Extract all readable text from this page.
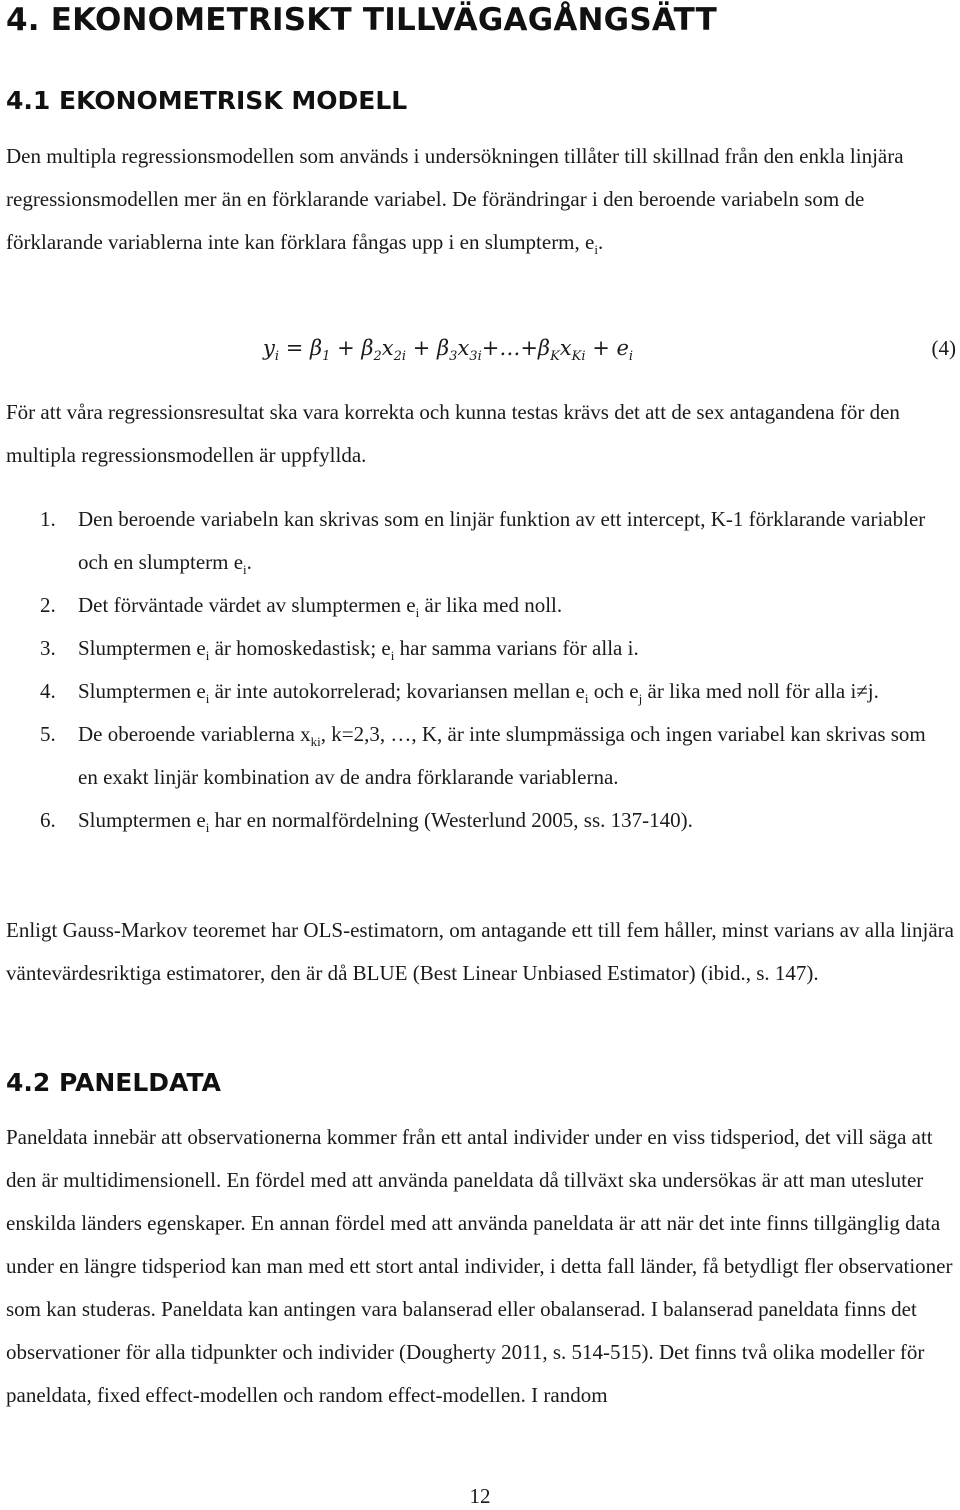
4. EKONOMETRISKT TILLVÄGAGÅNGSÄTT
4.1 EKONOMETRISK MODELL

Den multipla regressionsmodellen som används i undersökningen tillåter till skillnad från den enkla linjära regressionsmodellen mer än en förklarande variabel. De förändringar i den beroende variabeln som de förklarande variablerna inte kan förklara fångas upp i en slumpterm, $e_i$.

$y_i = \beta_1 + \beta_2x_{2i}$ + $\beta_3x_{3i}+\dots+\beta_Kx_{Ki} + e_i$	(4)

För att våra regressionsresultat ska vara korrekta och kunna testas krävs det att de sex antagandena för den multipla regressionsmodellen är uppfyllda.

1. Den beroende variabeln kan skrivas som en linjär funktion av ett intercept, K-1 förklarande variabler och en slumpterm $e_i$.
2. Det förväntade värdet av slumptermen $e_i$ är lika med noll.
3. Slumptermen $e_i$ är homoskedastisk; $e_i$ har samma varians för alla i.
4. Slumptermen $e_i$ är inte autokorrelerad; kovariansen mellan $e_i$ och $e_j$ är lika med noll för alla i≠j.
5. De oberoende variablerna $x_{ki}$, k=2,3, …, K, är inte slumpmässiga och ingen variabel kan skrivas som en exakt linjär kombination av de andra förklarande variablerna.
6. Slumptermen $e_i$ har en normalfördelning (Westerlund 2005, ss. 137-140).

Enligt Gauss-Markov teoremet har OLS-estimatorn, om antagande ett till fem håller, minst varians av alla linjära väntevärdesriktiga estimatorer, den är då BLUE (Best Linear Unbiased Estimator) (ibid., s. 147).

4.2 PANELDATA

Paneldata innebär att observationerna kommer från ett antal individer under en viss tidsperiod, det vill säga att den är multidimensionell. En fördel med att använda paneldata då tillväxt ska undersökas är att man utesluter enskilda länders egenskaper. En annan fördel med att använda paneldata är att när det inte finns tillgänglig data under en längre tidsperiod kan man med ett stort antal individer, i detta fall länder, få betydligt fler observationer som kan studeras. Paneldata kan antingen vara balanserad eller obalanserad. I balanserad paneldata finns det observationer för alla tidpunkter och individer (Dougherty 2011, s. 514-515). Det finns två olika modeller för paneldata, fixed effect-modellen och random effect-modellen. I random

12
